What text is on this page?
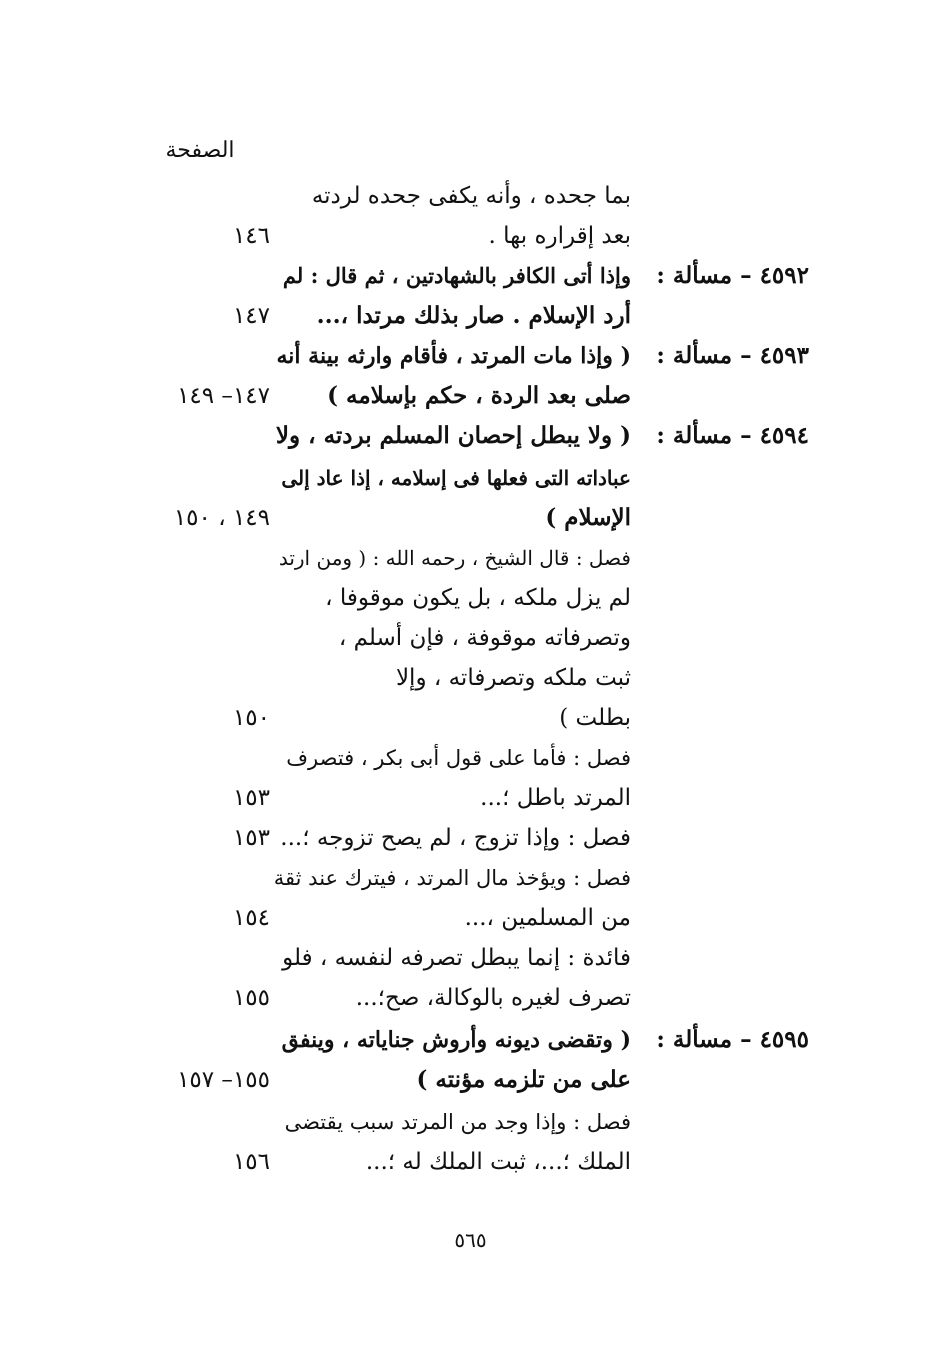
الصفحة
بما جحده ، وأنه يكفى جحده لردته
بعد إقراره بها .
١٤٦
٤٥٩٢ – مسألة :
وإذا أتى الكافر بالشهادتين ، ثم قال : لم
أرد الإسلام . صار بذلك مرتدا ،...
١٤٧
٤٥٩٣ – مسألة :
( وإذا مات المرتد ، فأقام وارثه بينة أنه
صلى بعد الردة ، حكم بإسلامه )
١٤٧– ١٤٩
٤٥٩٤ – مسألة :
( ولا يبطل إحصان المسلم بردته ، ولا
عباداته التى فعلها فى إسلامه ، إذا عاد إلى
الإسلام )
١٤٩ ، ١٥٠
فصل : قال الشيخ ، رحمه الله : ( ومن ارتد
لم يزل ملكه ، بل يكون موقوفا ،
وتصرفاته موقوفة ، فإن أسلم ،
ثبت ملكه وتصرفاته ، وإلا
بطلت )
١٥٠
فصل : فأما على قول أبى بكر ، فتصرف
المرتد باطل ؛...
١٥٣
فصل : وإذا تزوج ، لم يصح تزوجه ؛...
١٥٣
فصل : ويؤخذ مال المرتد ، فيترك عند ثقة
من المسلمين ،...
١٥٤
فائدة : إنما يبطل تصرفه لنفسه ، فلو
تصرف لغيره بالوكالة، صح؛...
١٥٥
٤٥٩٥ – مسألة :
( وتقضى ديونه وأروش جناياته ، وينفق
على من تلزمه مؤنته )
١٥٥– ١٥٧
فصل : وإذا وجد من المرتد سبب يقتضى
الملك ؛...، ثبت الملك له ؛...
١٥٦
٥٦٥
